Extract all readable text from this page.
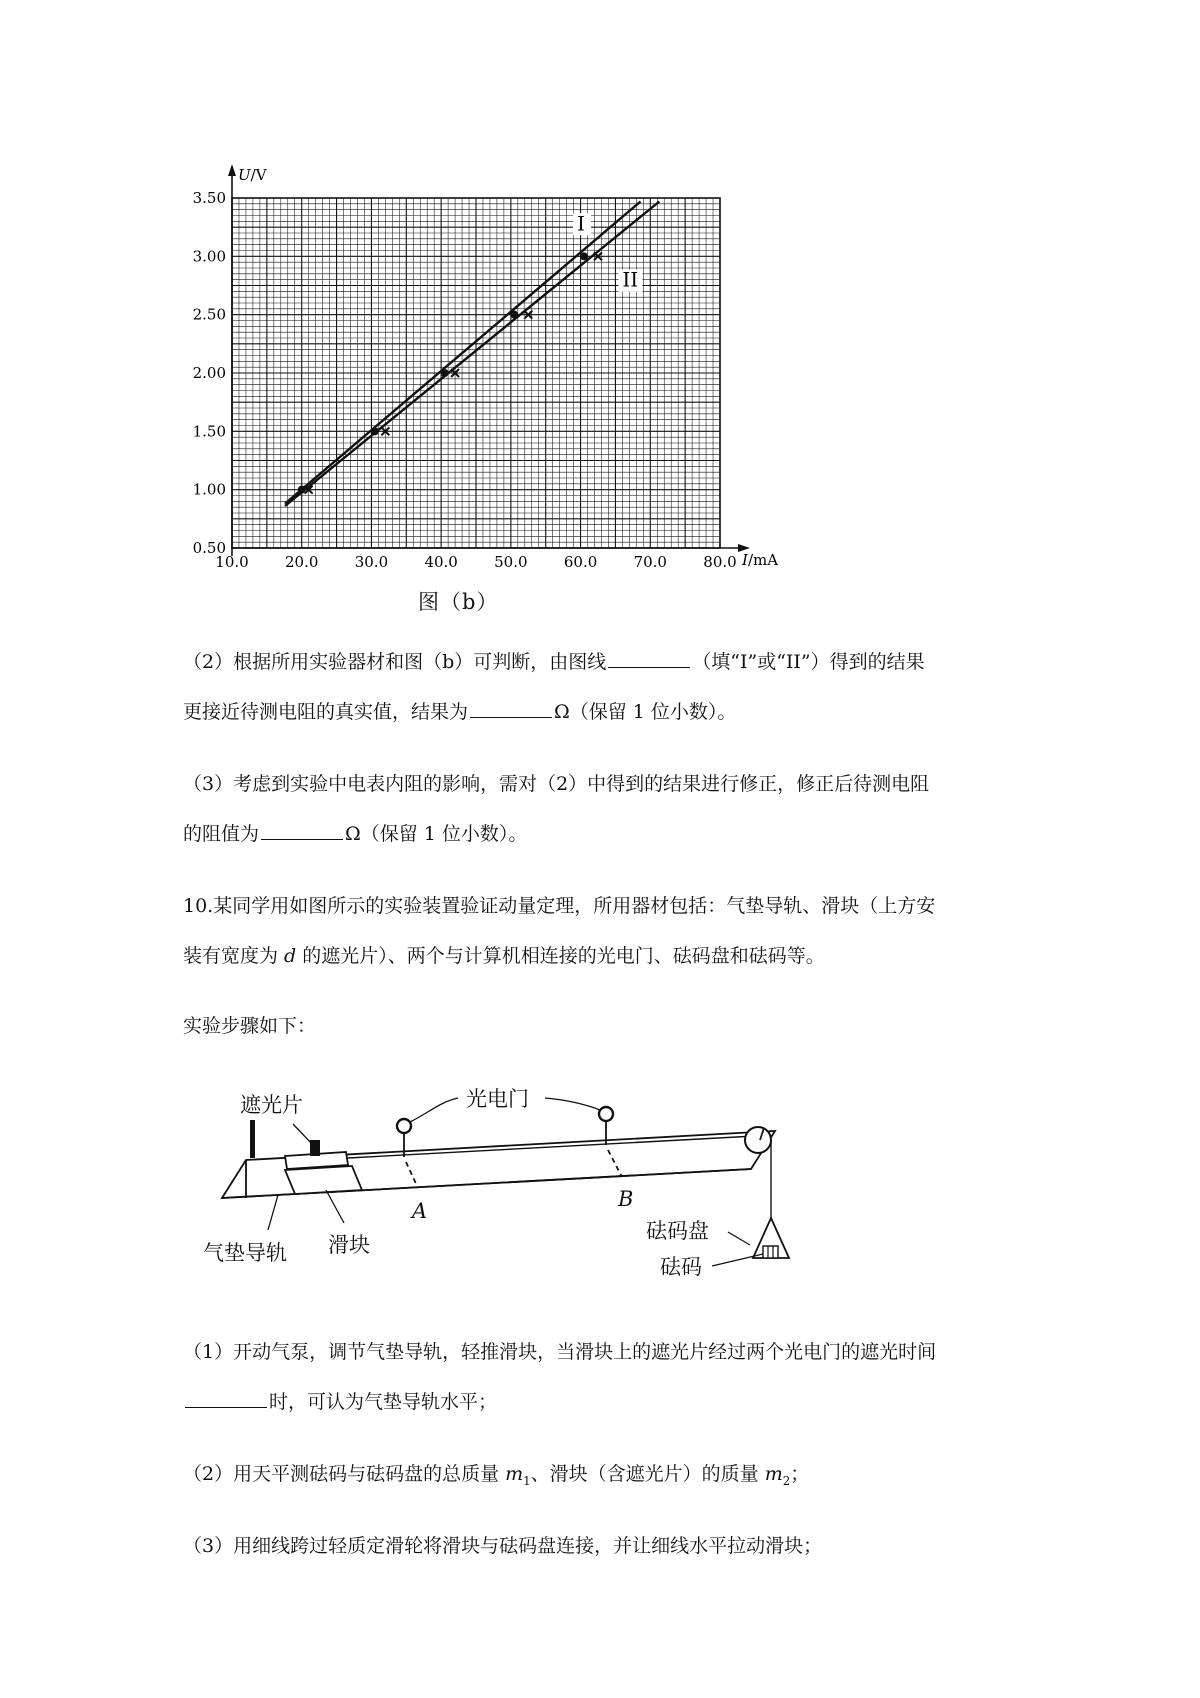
10.0 20.0 30.0 40.0 50.0 60.0 70.0 80.0
0.50
1.00
1.50
2.00
2.50
3.00
3.50
I
II
U/V
I/mA
图（b）

（2）根据所用实验器材和图（b）可判断，由图线	（填“I”或“II”）得到的结果

更接近待测电阻的真实值，结果为	Ω（保留 1 位小数）。

（3）考虑到实验中电表内阻的影响，需对（2）中得到的结果进行修正，修正后待测电阻

的阻值为	Ω（保留 1 位小数）。

10.某同学用如图所示的实验装置验证动量定理，所用器材包括：气垫导轨、滑块（上方安

装有宽度为 d 的遮光片）、两个与计算机相连接的光电门、砝码盘和砝码等。

实验步骤如下：

遮光片	光电门
气垫导轨 滑块
A	B
砝码盘
砝码

（1）开动气泵，调节气垫导轨，轻推滑块，当滑块上的遮光片经过两个光电门的遮光时间

时，可认为气垫导轨水平；

（2）用天平测砝码与砝码盘的总质量 $m_1$、滑块（含遮光片）的质量 $m_2$；

（3）用细线跨过轻质定滑轮将滑块与砝码盘连接，并让细线水平拉动滑块；
